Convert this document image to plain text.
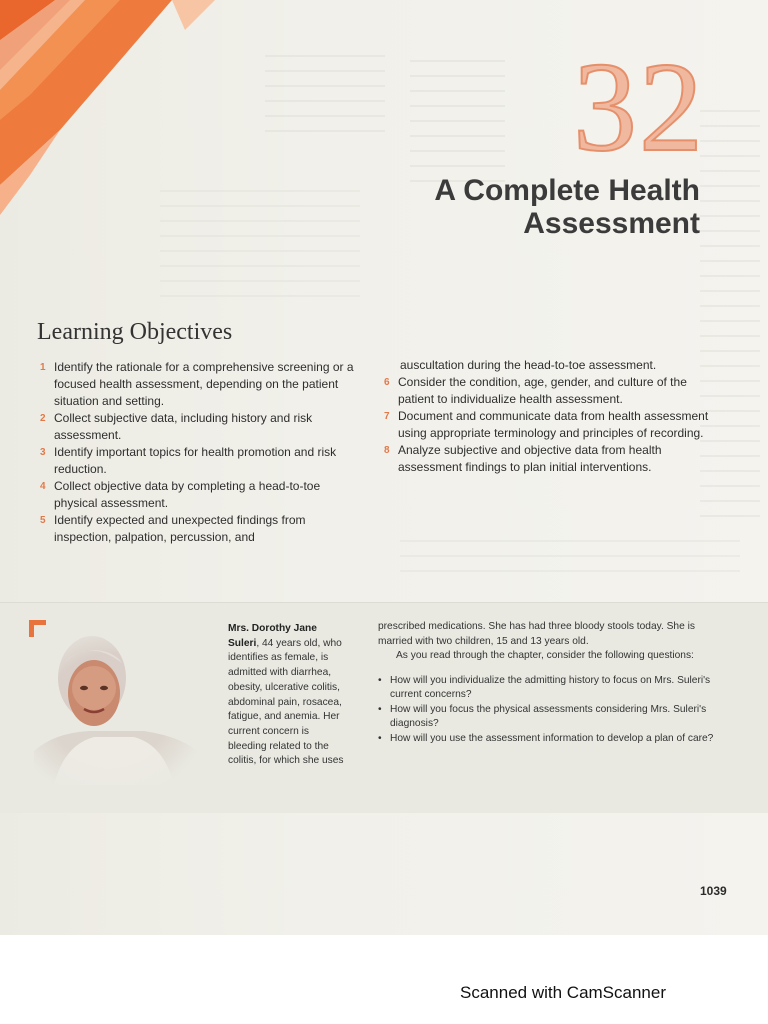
32
A Complete Health
Assessment
Learning Objectives
1 Identify the rationale for a comprehensive screening or a focused health assessment, depending on the patient situation and setting.
2 Collect subjective data, including history and risk assessment.
3 Identify important topics for health promotion and risk reduction.
4 Collect objective data by completing a head-to-toe physical assessment.
5 Identify expected and unexpected findings from inspection, palpation, percussion, and
auscultation during the head-to-toe assessment.
6 Consider the condition, age, gender, and culture of the patient to individualize health assessment.
7 Document and communicate data from health assessment using appropriate terminology and principles of recording.
8 Analyze subjective and objective data from health assessment findings to plan initial interventions.

Mrs. Dorothy Jane Suleri, 44 years old, who identifies as female, is admitted with diarrhea, obesity, ulcerative colitis, abdominal pain, rosacea, fatigue, and anemia. Her current concern is bleeding related to the colitis, for which she uses

prescribed medications. She has had three bloody stools today. She is married with two children, 15 and 13 years old.

As you read through the chapter, consider the following questions:

• How will you individualize the admitting history to focus on Mrs. Suleri's current concerns?
• How will you focus the physical assessments considering Mrs. Suleri's diagnosis?
• How will you use the assessment information to develop a plan of care?
1039
Scanned with CamScanner
